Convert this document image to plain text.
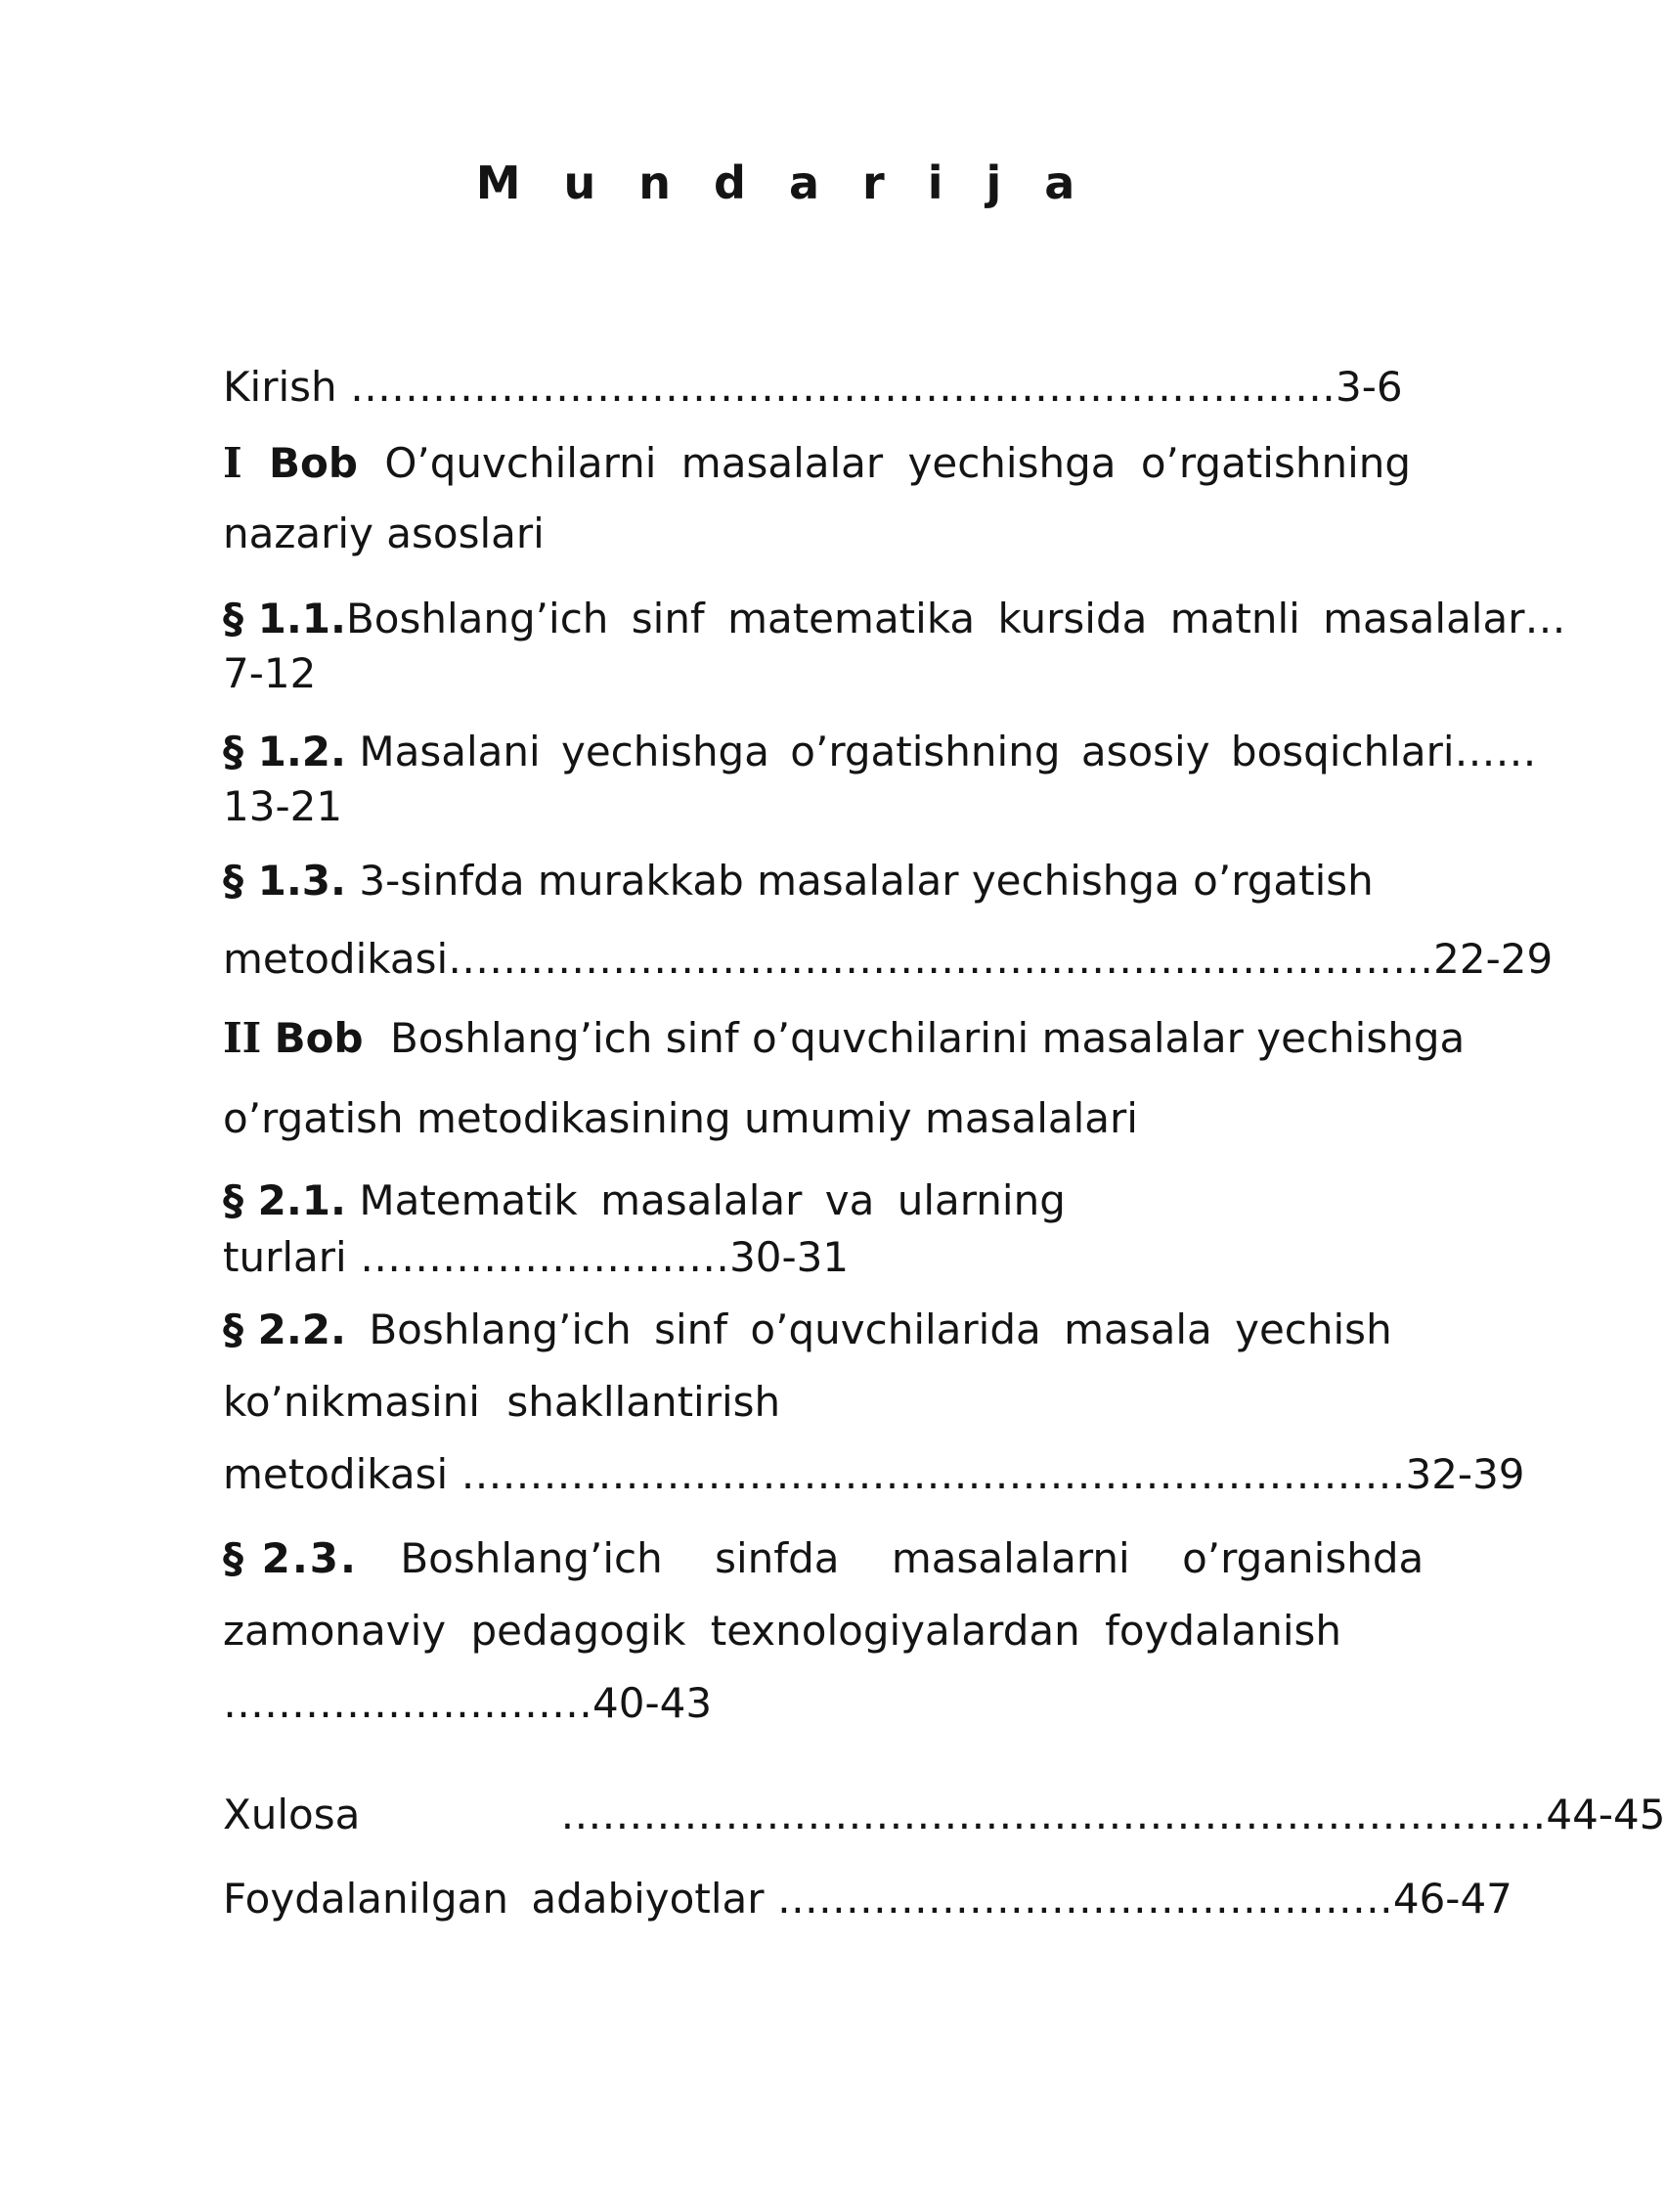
M u n d a r i j a
Kirish ………………………………………………………………3-6
I Bob O’quvchilarni masalalar yechishga o’rgatishning
nazariy asoslari
§ 1.1.Boshlang’ich sinf matematika kursida matnli masalalar…
7-12
§ 1.2. Masalani yechishga o’rgatishning asosiy bosqichlari……
13-21
§ 1.3. 3-sinfda murakkab masalalar yechishga o’rgatish
metodikasi………………………………………………………………22-29
II Bob Boshlang’ich sinf o’quvchilarini masalalar yechishga
o’rgatish metodikasining umumiy masalalari
§ 2.1. Matematik masalalar va ularning
turlari ………………………30-31
§ 2.2. Boshlang’ich sinf o’quvchilarida masala yechish
ko’nikmasini shakllantirish
metodikasi ……………………………………………………………32-39
§ 2.3. Boshlang’ich sinfda masalalarni o’rganishda
zamonaviy pedagogik texnologiyalardan foydalanish
………………………40-43
Xulosa	………………………………………………………………44-45
Foydalanilgan adabiyotlar ………………………………………46-47
